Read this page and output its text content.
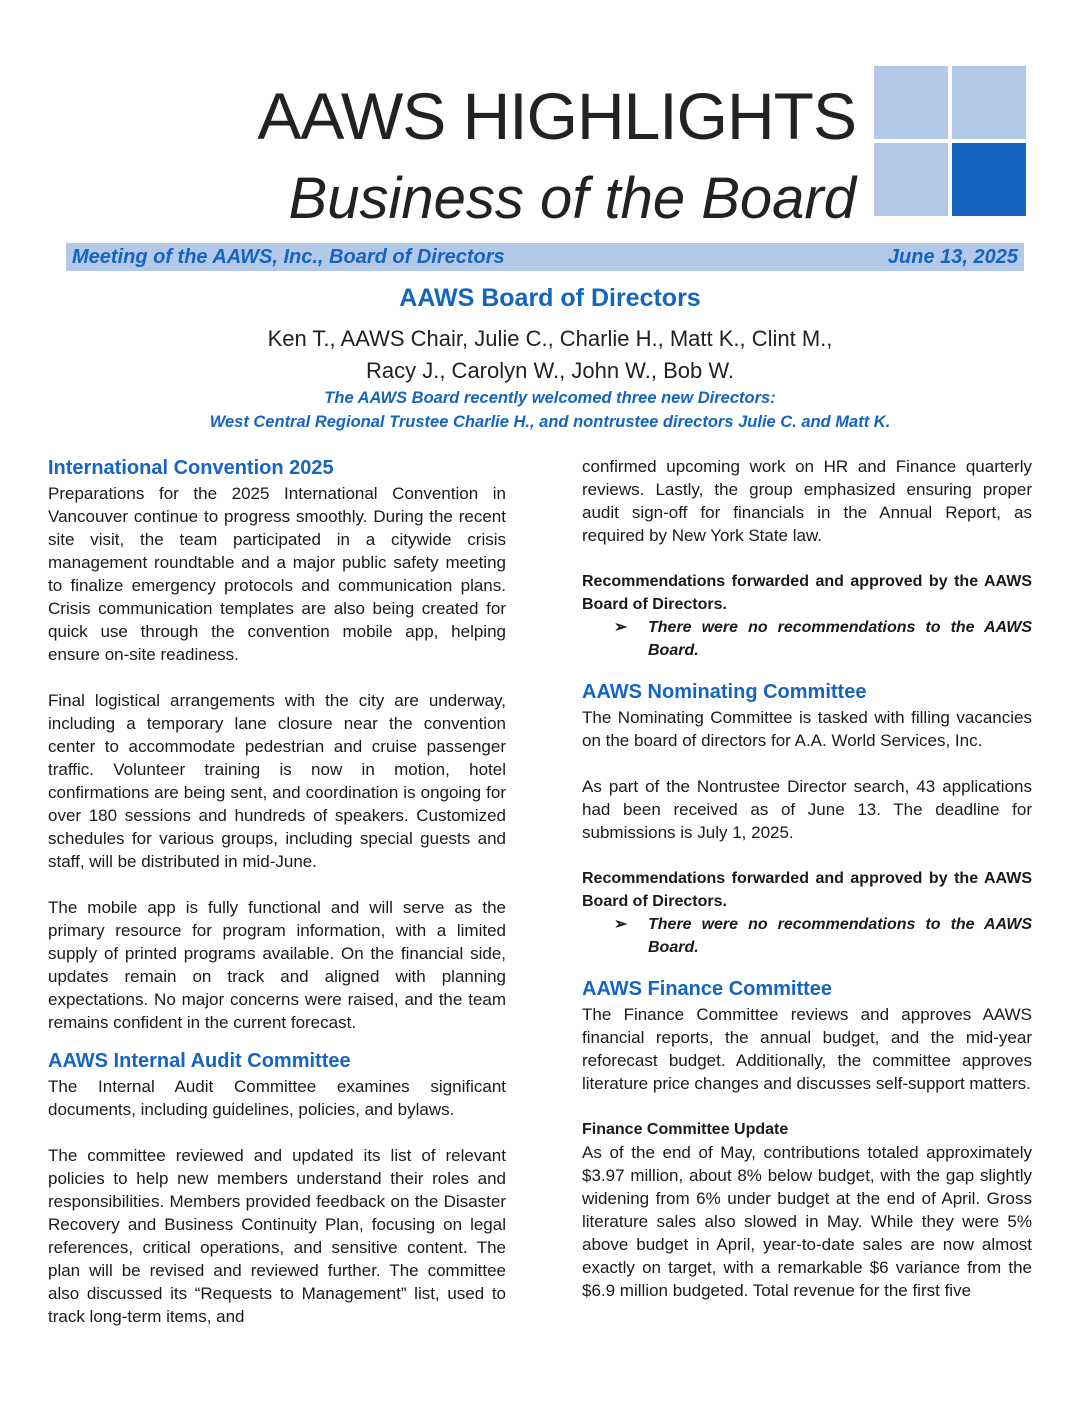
AAWS HIGHLIGHTS
Business of the Board
Meeting of the AAWS, Inc., Board of Directors	June 13, 2025
AAWS Board of Directors
Ken T., AAWS Chair, Julie C., Charlie H., Matt K., Clint M.,
Racy J., Carolyn W., John W., Bob W.
The AAWS Board recently welcomed three new Directors:
West Central Regional Trustee Charlie H., and nontrustee directors Julie C. and Matt K.
International Convention 2025

Preparations for the 2025 International Convention in Vancouver continue to progress smoothly. During the recent site visit, the team participated in a citywide crisis management roundtable and a major public safety meeting to finalize emergency protocols and communication plans. Crisis communication templates are also being created for quick use through the convention mobile app, helping ensure on-site readiness.

Final logistical arrangements with the city are underway, including a temporary lane closure near the convention center to accommodate pedestrian and cruise passenger traffic. Volunteer training is now in motion, hotel confirmations are being sent, and coordination is ongoing for over 180 sessions and hundreds of speakers. Customized schedules for various groups, including special guests and staff, will be distributed in mid-June.

The mobile app is fully functional and will serve as the primary resource for program information, with a limited supply of printed programs available. On the financial side, updates remain on track and aligned with planning expectations. No major concerns were raised, and the team remains confident in the current forecast.

AAWS Internal Audit Committee

The Internal Audit Committee examines significant documents, including guidelines, policies, and bylaws.

The committee reviewed and updated its list of relevant policies to help new members understand their roles and responsibilities. Members provided feedback on the Disaster Recovery and Business Continuity Plan, focusing on legal references, critical operations, and sensitive content. The plan will be revised and reviewed further. The committee also discussed its “Requests to Management” list, used to track long-term items, and

confirmed upcoming work on HR and Finance quarterly reviews. Lastly, the group emphasized ensuring proper audit sign-off for financials in the Annual Report, as required by New York State law.

Recommendations forwarded and approved by the AAWS Board of Directors.
➢	There were no recommendations to the AAWS Board.
AAWS Nominating Committee

The Nominating Committee is tasked with filling vacancies on the board of directors for A.A. World Services, Inc.

As part of the Nontrustee Director search, 43 applications had been received as of June 13. The deadline for submissions is July 1, 2025.

Recommendations forwarded and approved by the AAWS Board of Directors.
➢	There were no recommendations to the AAWS Board.
AAWS Finance Committee

The Finance Committee reviews and approves AAWS financial reports, the annual budget, and the mid-year reforecast budget. Additionally, the committee approves literature price changes and discusses self-support matters.

Finance Committee Update

As of the end of May, contributions totaled approximately $3.97 million, about 8% below budget, with the gap slightly widening from 6% under budget at the end of April. Gross literature sales also slowed in May. While they were 5% above budget in April, year-to-date sales are now almost exactly on target, with a remarkable $6 variance from the $6.9 million budgeted. Total revenue for the first five
